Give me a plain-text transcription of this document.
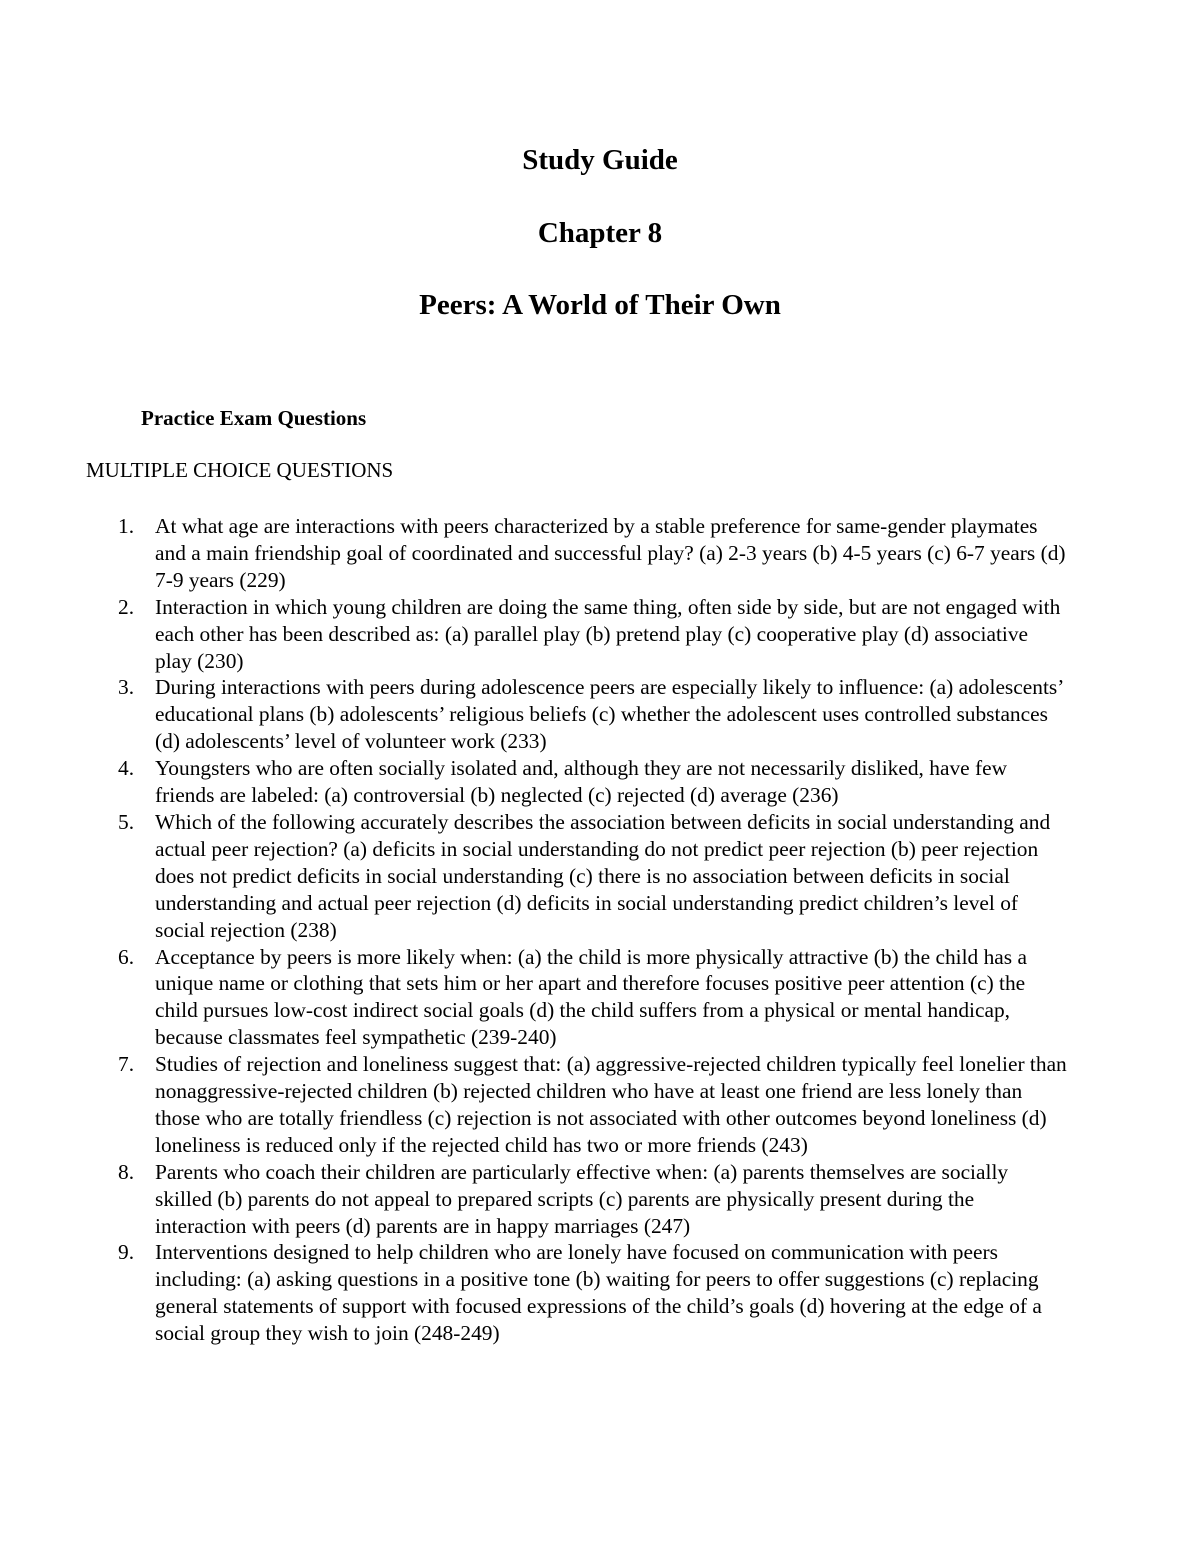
Study Guide
Chapter 8
Peers: A World of Their Own
Practice Exam Questions
MULTIPLE CHOICE QUESTIONS
1. At what age are interactions with peers characterized by a stable preference for same-gender playmates and a main friendship goal of coordinated and successful play? (a) 2-3 years (b) 4-5 years (c) 6-7 years (d) 7-9 years (229)
2. Interaction in which young children are doing the same thing, often side by side, but are not engaged with each other has been described as: (a) parallel play (b) pretend play (c) cooperative play (d) associative play (230)
3. During interactions with peers during adolescence peers are especially likely to influence: (a) adolescents’ educational plans (b) adolescents’ religious beliefs (c) whether the adolescent uses controlled substances (d) adolescents’ level of volunteer work (233)
4. Youngsters who are often socially isolated and, although they are not necessarily disliked, have few friends are labeled: (a) controversial (b) neglected (c) rejected (d) average (236)
5. Which of the following accurately describes the association between deficits in social understanding and actual peer rejection? (a) deficits in social understanding do not predict peer rejection (b) peer rejection does not predict deficits in social understanding (c) there is no association between deficits in social understanding and actual peer rejection (d) deficits in social understanding predict children’s level of social rejection (238)
6. Acceptance by peers is more likely when: (a) the child is more physically attractive (b) the child has a unique name or clothing that sets him or her apart and therefore focuses positive peer attention (c) the child pursues low-cost indirect social goals (d) the child suffers from a physical or mental handicap, because classmates feel sympathetic (239-240)
7. Studies of rejection and loneliness suggest that: (a) aggressive-rejected children typically feel lonelier than nonaggressive-rejected children (b) rejected children who have at least one friend are less lonely than those who are totally friendless (c) rejection is not associated with other outcomes beyond loneliness (d) loneliness is reduced only if the rejected child has two or more friends (243)
8. Parents who coach their children are particularly effective when: (a) parents themselves are socially skilled (b) parents do not appeal to prepared scripts (c) parents are physically present during the interaction with peers (d) parents are in happy marriages (247)
9. Interventions designed to help children who are lonely have focused on communication with peers including: (a) asking questions in a positive tone (b) waiting for peers to offer suggestions (c) replacing general statements of support with focused expressions of the child’s goals (d) hovering at the edge of a social group they wish to join (248-249)
